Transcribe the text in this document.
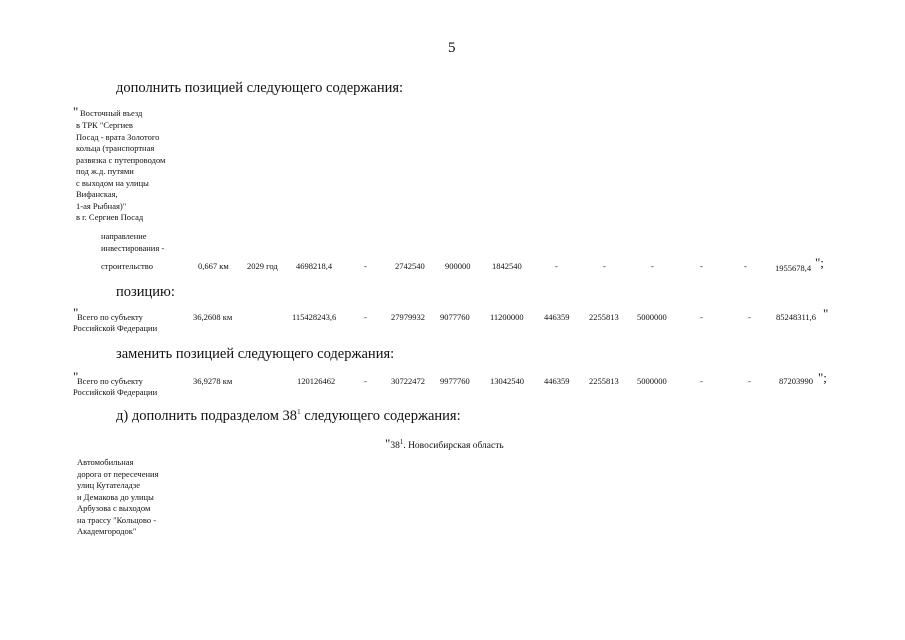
5
дополнить позицией следующего содержания:
" Восточный въезд
в ТРК "Сергиев
Посад - врата Золотого
кольца (транспортная
развязка с путепроводом
под ж.д. путями
с выходом на улицы
Вифанская,
1-ая Рыбная)"
в г. Сергиев Посад
направление
инвестирования -
строительство	0,667 км 2029 год 4698218,4	-	2742540 900000	1842540	-	-	-	-	-	1955678,4 ";
позицию:
"
Всего по субъекту
Российской Федерации
36,2608 км	115428243,6	-	27979932 9077760 11200000 446359 2255813 5000000	-	-	85248311,6 "
заменить позицией следующего содержания:
"
Всего по субъекту
Российской Федерации
36,9278 км	120126462	-	30722472 9977760 13042540 446359 2255813 5000000	-	-	87203990 ";
д) дополнить подразделом $38^1$ следующего содержания:
"$38^1$. Новосибирская область
Автомобильная
дорога от пересечения
улиц Кутателадзе
и Демакова до улицы
Арбузова с выходом
на трассу "Кольцово -
Академгородок"
